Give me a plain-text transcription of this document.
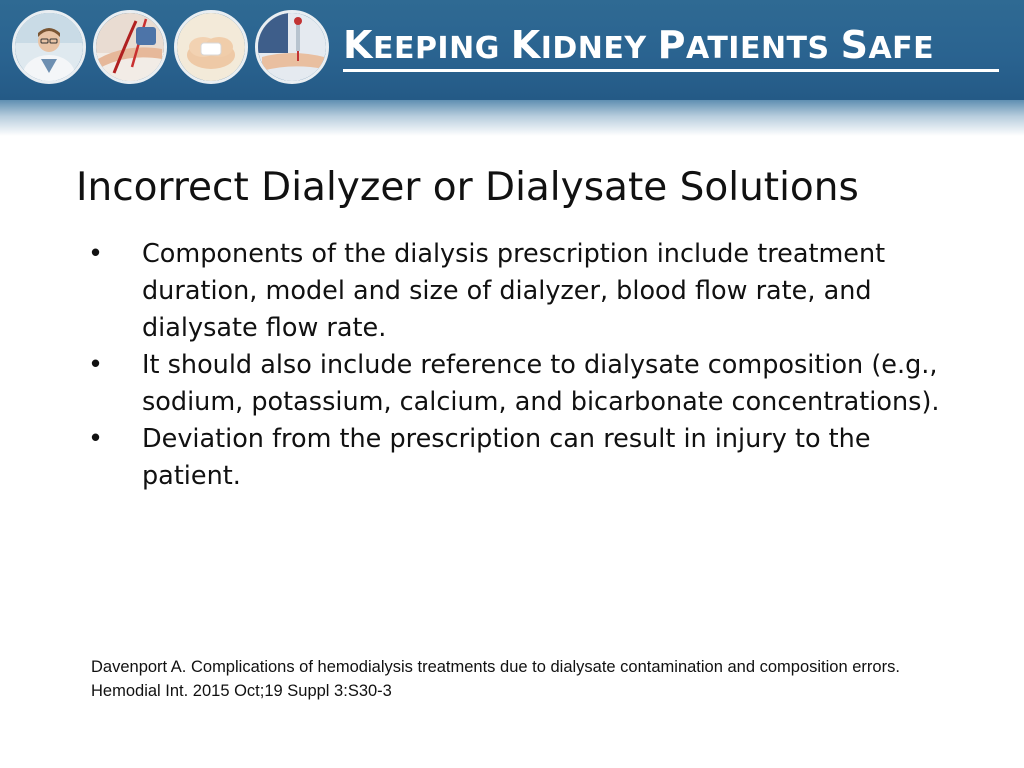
KEEPING KIDNEY PATIENTS SAFE
Incorrect Dialyzer or Dialysate Solutions
• Components of the dialysis prescription include treatment duration, model and size of dialyzer, blood flow rate, and dialysate flow rate.
• It should also include reference to dialysate composition (e.g., sodium, potassium, calcium, and bicarbonate concentrations).
• Deviation from the prescription can result in injury to the patient.
Davenport A. Complications of hemodialysis treatments due to dialysate contamination and composition errors. Hemodial Int. 2015 Oct;19 Suppl 3:S30-3
